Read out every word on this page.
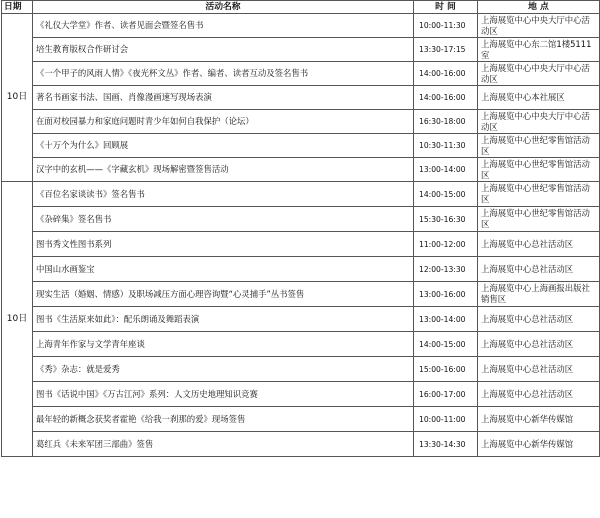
日期	活动名称	时 间	地 点
10日	《礼仪大学堂》作者、读者见面会暨签名售书	10:00-11:30	上海展览中心中央大厅中心活动区
	培生教育版权合作研讨会	13:30-17:15	上海展览中心东二馆1楼5111室
	《一个甲子的风雨人情》《夜光杯文丛》作者、编者、读者互动及签名售书	14:00-16:00	上海展览中心中央大厅中心活动区
	著名书画家书法、国画、肖像漫画速写现场表演	14:00-16:00	上海展览中心本社展区
	在面对校园暴力和家庭问题时青少年如何自我保护（论坛）	16:30-18:00	上海展览中心中央大厅中心活动区
	《十万个为什么》回顾展	10:30-11:30	上海展览中心世纪零售馆活动区
	汉字中的玄机——《字藏玄机》现场解密暨签售活动	13:00-14:00	上海展览中心世纪零售馆活动区
10日	《百位名家谈读书》签名售书	14:00-15:00	上海展览中心世纪零售馆活动区
	《杂碎集》签名售书	15:30-16:30	上海展览中心世纪零售馆活动区
	图书秀文性图书系列	11:00-12:00	上海展览中心总社活动区
	中国山水画鉴宝	12:00-13:30	上海展览中心总社活动区
	现实生活（婚姻、情感）及职场减压方面心理咨询暨“心灵捕手”丛书签售	13:00-16:00	上海展览中心上海画报出版社销售区
	图书《生活原来如此》：配乐朗诵及舞蹈表演	13:00-14:00	上海展览中心总社活动区
	上海青年作家与文学青年座谈	14:00-15:00	上海展览中心总社活动区
	《秀》杂志：就是爱秀	15:00-16:00	上海展览中心总社活动区
	图书《话说中国》《万古江河》系列：人文历史地理知识竞赛	16:00-17:00	上海展览中心总社活动区
	最年轻的新概念获奖者霍艳《给我一刹那的爱》现场签售	10:00-11:00	上海展览中心新华传媒馆
	葛红兵《未来军团三部曲》签售	13:30-14:30	上海展览中心新华传媒馆
